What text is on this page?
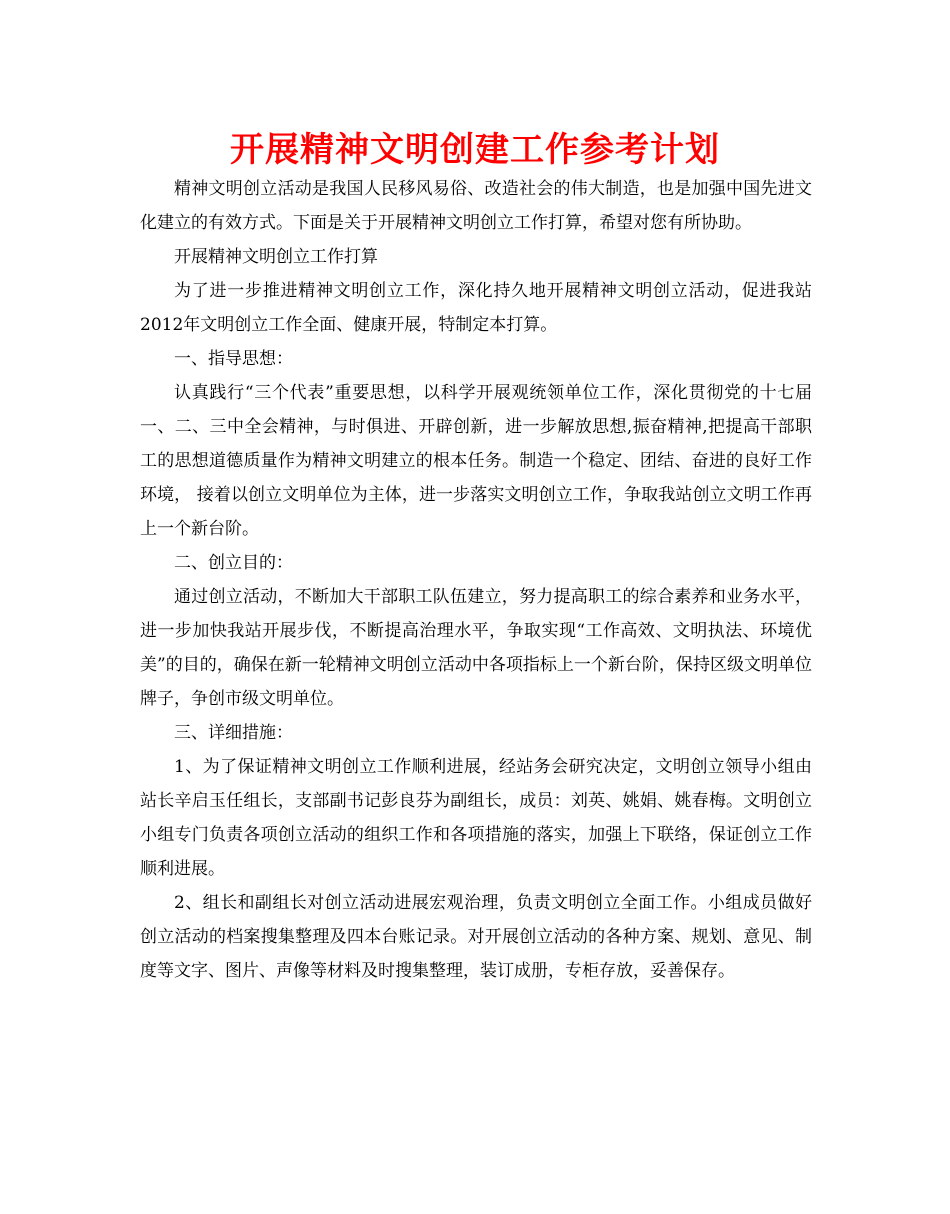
开展精神文明创建工作参考计划

精神文明创立活动是我国人民移风易俗、改造社会的伟大制造，也是加强中国先进文化建立的有效方式。下面是关于开展精神文明创立工作打算，希望对您有所协助。

开展精神文明创立工作打算

为了进一步推进精神文明创立工作，深化持久地开展精神文明创立活动，促进我站2012年文明创立工作全面、健康开展，特制定本打算。

一、指导思想：

认真践行“三个代表”重要思想，以科学开展观统领单位工作，深化贯彻党的十七届一、二、三中全会精神，与时俱进、开辟创新，进一步解放思想,振奋精神,把提高干部职工的思想道德质量作为精神文明建立的根本任务。制造一个稳定、团结、奋进的良好工作环境， 接着以创立文明单位为主体，进一步落实文明创立工作，争取我站创立文明工作再上一个新台阶。

二、创立目的：

通过创立活动，不断加大干部职工队伍建立，努力提高职工的综合素养和业务水平，进一步加快我站开展步伐，不断提高治理水平，争取实现“工作高效、文明执法、环境优美”的目的，确保在新一轮精神文明创立活动中各项指标上一个新台阶，保持区级文明单位牌子，争创市级文明单位。

三、详细措施：

1、为了保证精神文明创立工作顺利进展，经站务会研究决定，文明创立领导小组由站长辛启玉任组长，支部副书记彭良芬为副组长，成员：刘英、姚娟、姚春梅。文明创立小组专门负责各项创立活动的组织工作和各项措施的落实，加强上下联络，保证创立工作顺利进展。

2、组长和副组长对创立活动进展宏观治理，负责文明创立全面工作。小组成员做好创立活动的档案搜集整理及四本台账记录。对开展创立活动的各种方案、规划、意见、制度等文字、图片、声像等材料及时搜集整理，装订成册，专柜存放，妥善保存。
